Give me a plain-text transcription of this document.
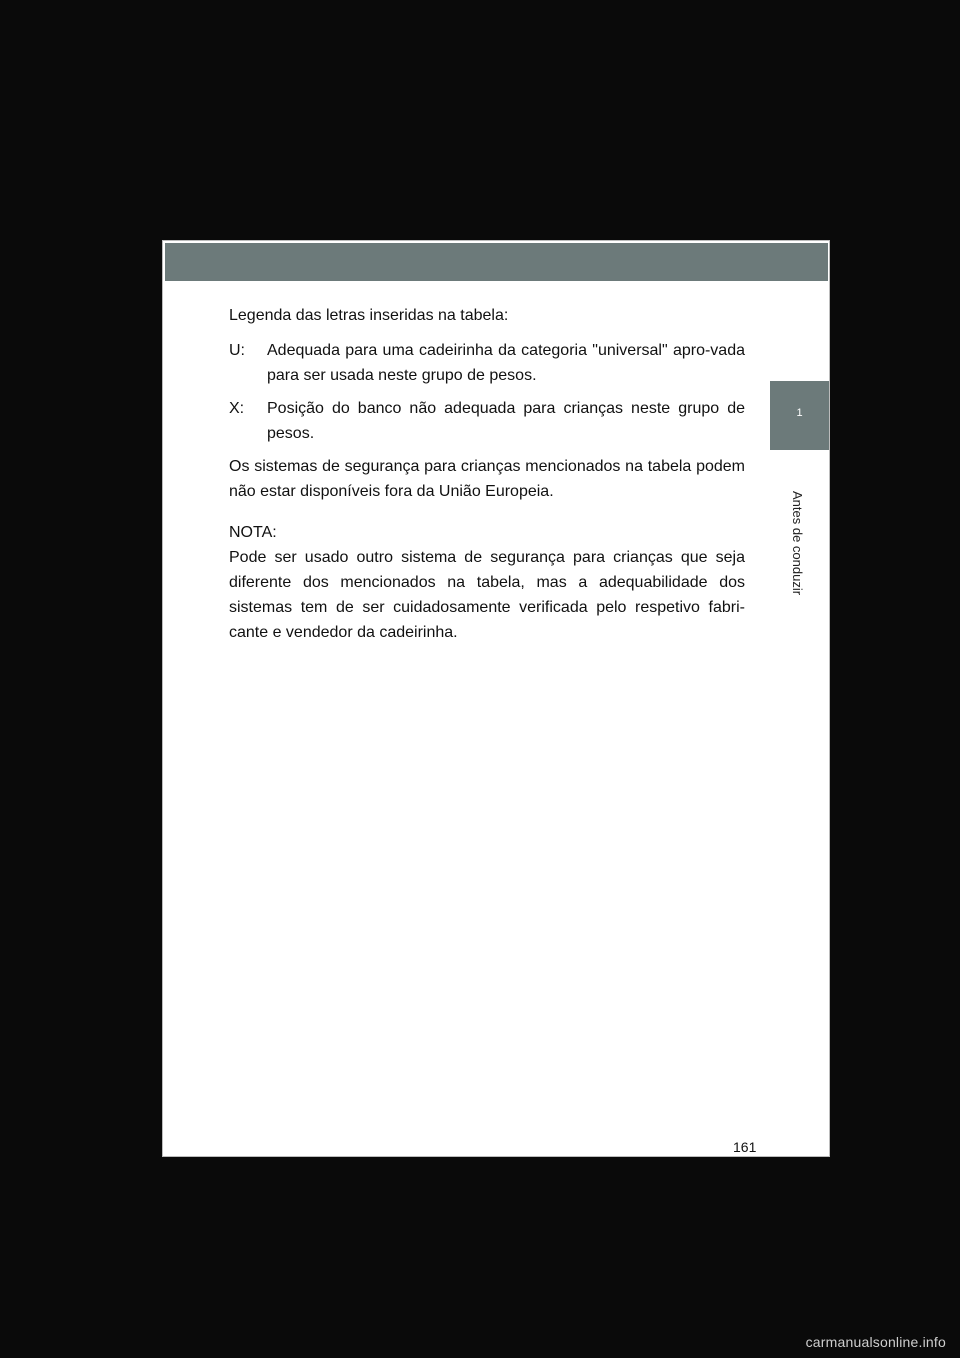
1
Antes de conduzir

Legenda das letras inseridas na tabela:

U:	Adequada para uma cadeirinha da categoria "universal" apro-vada para ser usada neste grupo de pesos.
X:	Posição do banco não adequada para crianças neste grupo de pesos.

Os sistemas de segurança para crianças mencionados na tabela podem não estar disponíveis fora da União Europeia.

NOTA:

Pode ser usado outro sistema de segurança para crianças que seja diferente dos mencionados na tabela, mas a adequabilidade dos sistemas tem de ser cuidadosamente verificada pelo respetivo fabri-cante e vendedor da cadeirinha.

161
carmanualsonline.info
